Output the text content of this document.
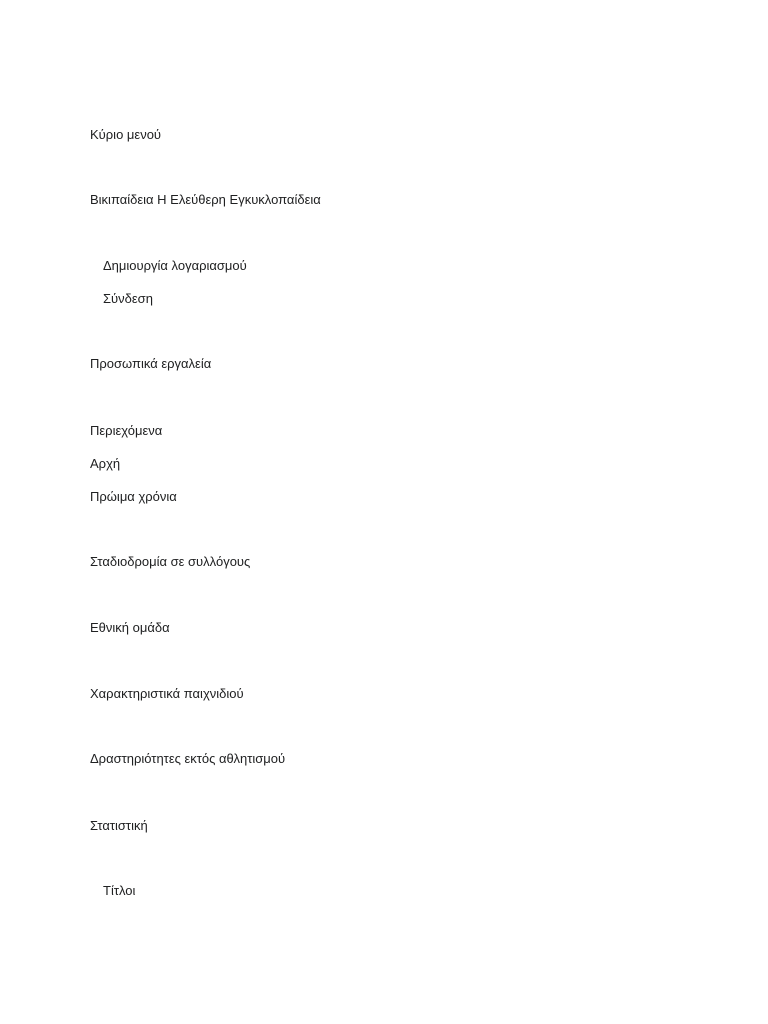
Κύριο μενού
Βικιπαίδεια Η Ελεύθερη Εγκυκλοπαίδεια
Δημιουργία λογαριασμού
Σύνδεση
Προσωπικά εργαλεία
Περιεχόμενα
Αρχή
Πρώιμα χρόνια
Σταδιοδρομία σε συλλόγους
Εθνική ομάδα
Χαρακτηριστικά παιχνιδιού
Δραστηριότητες εκτός αθλητισμού
Στατιστική
Τίτλοι
